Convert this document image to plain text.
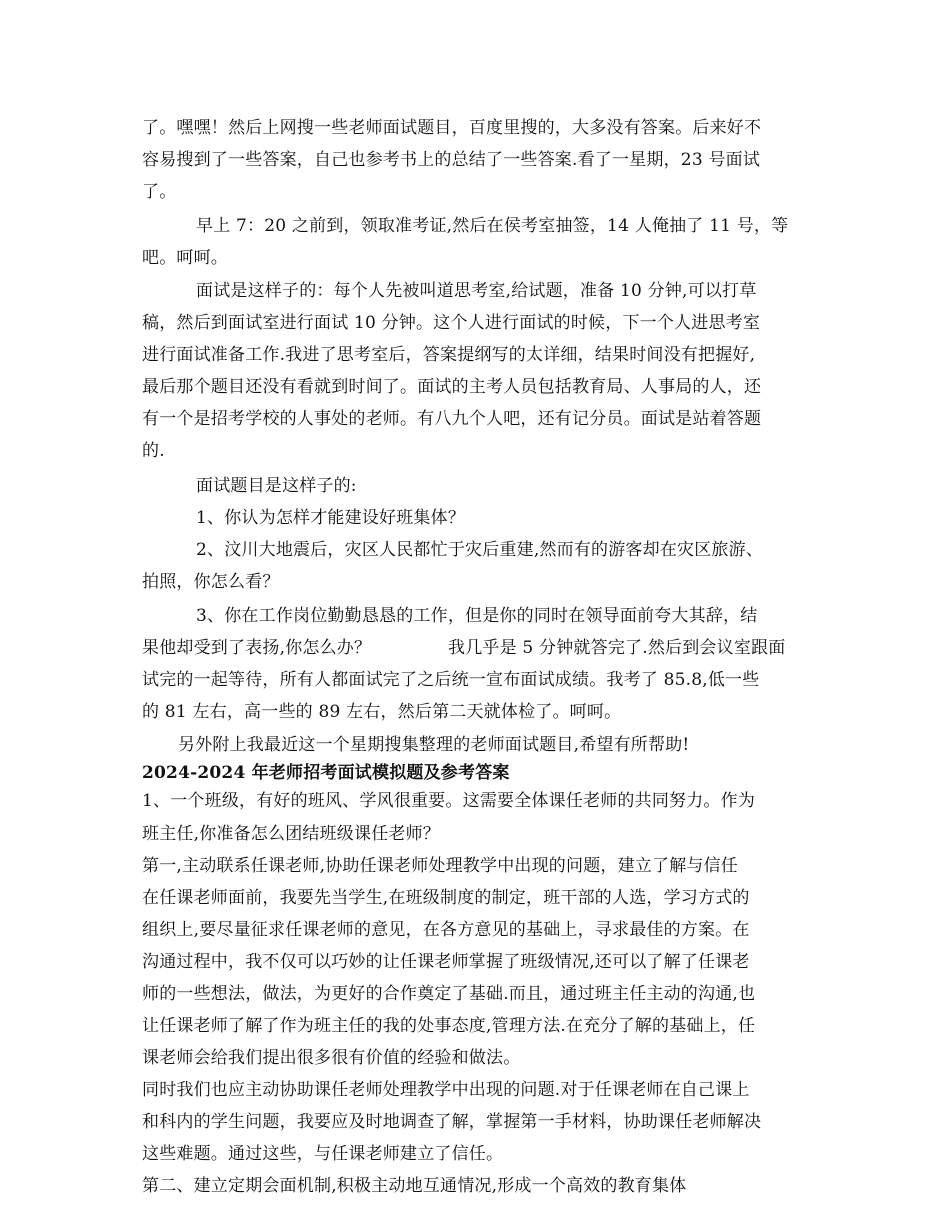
了。嘿嘿！然后上网搜一些老师面试题目，百度里搜的，大多没有答案。后来好不
容易搜到了一些答案，自己也参考书上的总结了一些答案.看了一星期，23 号面试
了。
早上 7：20 之前到，领取准考证,然后在侯考室抽签，14 人俺抽了 11 号，等
吧。呵呵。
面试是这样子的：每个人先被叫道思考室,给试题，准备 10 分钟,可以打草
稿，然后到面试室进行面试 10 分钟。这个人进行面试的时候，下一个人进思考室
进行面试准备工作.我进了思考室后，答案提纲写的太详细，结果时间没有把握好,
最后那个题目还没有看就到时间了。面试的主考人员包括教育局、人事局的人，还
有一个是招考学校的人事处的老师。有八九个人吧，还有记分员。面试是站着答题
的.
面试题目是这样子的:
1、你认为怎样才能建设好班集体？
2、汶川大地震后，灾区人民都忙于灾后重建,然而有的游客却在灾区旅游、
拍照，你怎么看？
3、你在工作岗位勤勤恳恳的工作，但是你的同时在领导面前夸大其辞，结
果他却受到了表扬,你怎么办？	我几乎是 5 分钟就答完了.然后到会议室跟面
试完的一起等待，所有人都面试完了之后统一宣布面试成绩。我考了 85.8,低一些
的 81 左右，高一些的 89 左右，然后第二天就体检了。呵呵。
另外附上我最近这一个星期搜集整理的老师面试题目,希望有所帮助!
2024-2024 年老师招考面试模拟题及参考答案
1、一个班级，有好的班风、学风很重要。这需要全体课任老师的共同努力。作为
班主任,你准备怎么团结班级课任老师？
第一,主动联系任课老师,协助任课老师处理教学中出现的问题，建立了解与信任
在任课老师面前，我要先当学生,在班级制度的制定，班干部的人选，学习方式的
组织上,要尽量征求任课老师的意见，在各方意见的基础上，寻求最佳的方案。在
沟通过程中，我不仅可以巧妙的让任课老师掌握了班级情况,还可以了解了任课老
师的一些想法，做法，为更好的合作奠定了基础.而且，通过班主任主动的沟通,也
让任课老师了解了作为班主任的我的处事态度,管理方法.在充分了解的基础上，任
课老师会给我们提出很多很有价值的经验和做法。
同时我们也应主动协助课任老师处理教学中出现的问题.对于任课老师在自己课上
和科内的学生问题，我要应及时地调查了解，掌握第一手材料，协助课任老师解决
这些难题。通过这些，与任课老师建立了信任。
第二、建立定期会面机制,积极主动地互通情况,形成一个高效的教育集体
